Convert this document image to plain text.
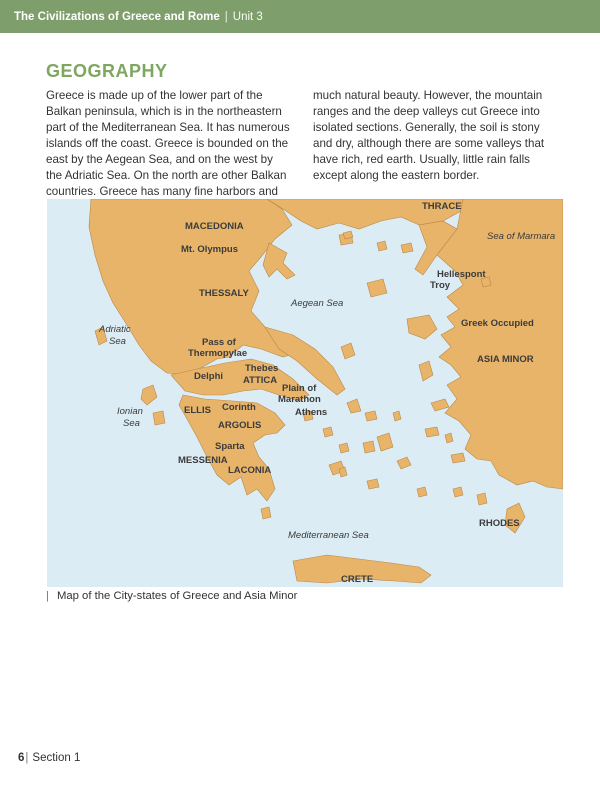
The Civilizations of Greece and Rome | Unit 3
GEOGRAPHY

Greece is made up of the lower part of the Balkan peninsula, which is in the northeastern part of the Mediterranean Sea. It has numerous islands off the coast. Greece is bounded on the east by the Aegean Sea, and on the west by the Adriatic Sea. On the north are other Balkan countries. Greece has many fine harbors and much natural beauty. However, the mountain ranges and the deep valleys cut Greece into isolated sections. Generally, the soil is stony and dry, although there are some valleys that have rich, red earth. Usually, little rain falls except along the eastern border.

THRACE
MACEDONIA
Sea of Marmara
Mt. Olympus
Hellespont
Troy
THESSALY
Aegean Sea
Adriatic
Sea
Greek Occupied
Pass of
Thermopylae
ASIA MINOR
Thebes
ATTICA
Delphi
Plain of
Marathon
Ionian
Sea
ELLIS Corinth	Athens
ARGOLIS
Sparta
MESSENIA
LACONIA
RHODES
Mediterranean Sea
CRETE
| Map of the City-states of Greece and Asia Minor
6| Section 1
